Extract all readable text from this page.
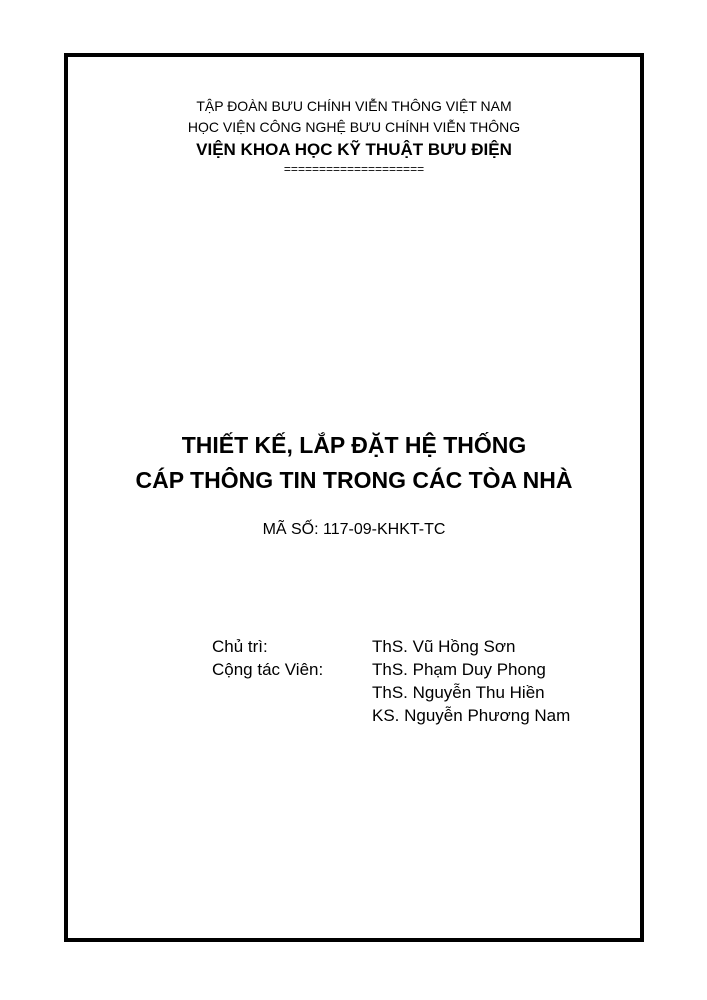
TẬP ĐOÀN BƯU CHÍNH VIỄN THÔNG VIỆT NAM
HỌC VIỆN CÔNG NGHỆ BƯU CHÍNH VIỄN THÔNG
VIỆN KHOA HỌC KỸ THUẬT BƯU ĐIỆN
====================
THIẾT KẾ, LẮP ĐẶT HỆ THỐNG
CÁP THÔNG TIN TRONG CÁC TÒA NHÀ
MÃ SỐ: 117-09-KHKT-TC
Chủ trì:	ThS. Vũ Hồng Sơn
Cộng tác Viên:	ThS. Phạm Duy Phong
ThS. Nguyễn Thu Hiền
KS. Nguyễn Phương Nam
